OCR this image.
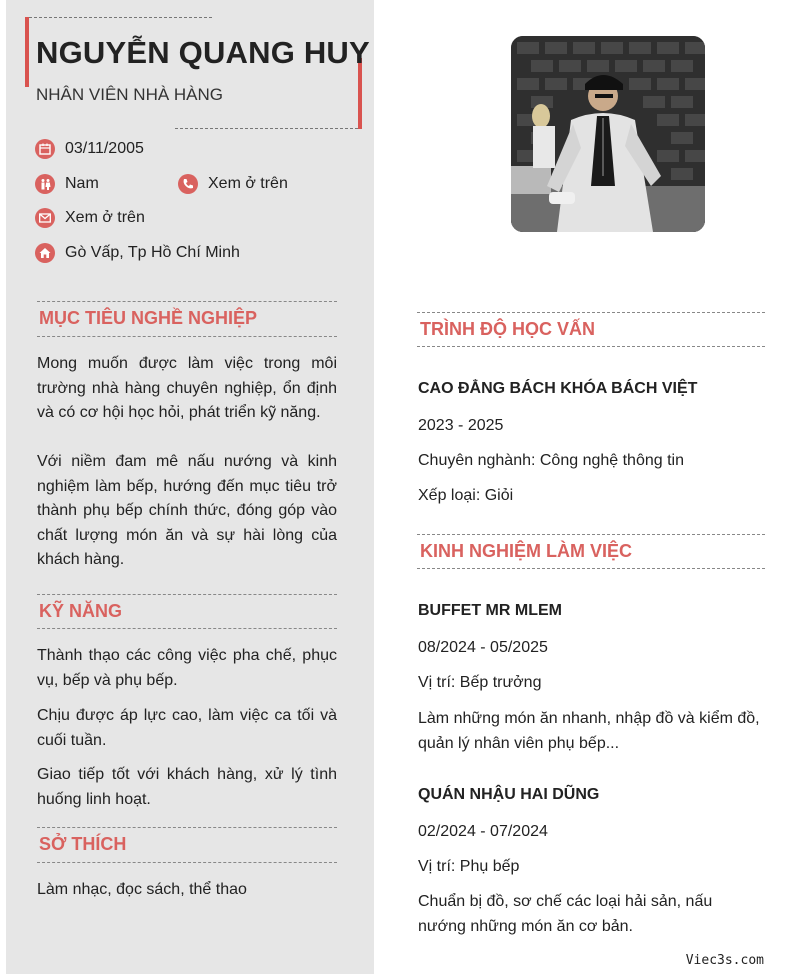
NGUYỄN QUANG HUY
NHÂN VIÊN NHÀ HÀNG
03/11/2005
Nam	Xem ở trên
Xem ở trên
Gò Vấp, Tp Hồ Chí Minh
MỤC TIÊU NGHỀ NGHIỆP
Mong muốn được làm việc trong môi trường nhà hàng chuyên nghiệp, ổn định và có cơ hội học hỏi, phát triển kỹ năng.
Với niềm đam mê nấu nướng và kinh nghiệm làm bếp, hướng đến mục tiêu trở thành phụ bếp chính thức, đóng góp vào chất lượng món ăn và sự hài lòng của khách hàng.
KỸ NĂNG
Thành thạo các công việc pha chế, phục vụ, bếp và phụ bếp.
Chịu được áp lực cao, làm việc ca tối và cuối tuần.
Giao tiếp tốt với khách hàng, xử lý tình huống linh hoạt.
SỞ THÍCH
Làm nhạc, đọc sách, thể thao
TRÌNH ĐỘ HỌC VẤN
CAO ĐẲNG BÁCH KHÓA BÁCH VIỆT
2023 - 2025
Chuyên nghành: Công nghệ thông tin
Xếp loại: Giỏi
KINH NGHIỆM LÀM VIỆC
BUFFET MR MLEM
08/2024 - 05/2025
Vị trí: Bếp trưởng
Làm những món ăn nhanh, nhập đồ và kiểm đồ, quản lý nhân viên phụ bếp...
QUÁN NHẬU HAI DŨNG
02/2024 - 07/2024
Vị trí: Phụ bếp
Chuẩn bị đồ, sơ chế các loại hải sản, nấu nướng những món ăn cơ bản.
Viec3s.com
